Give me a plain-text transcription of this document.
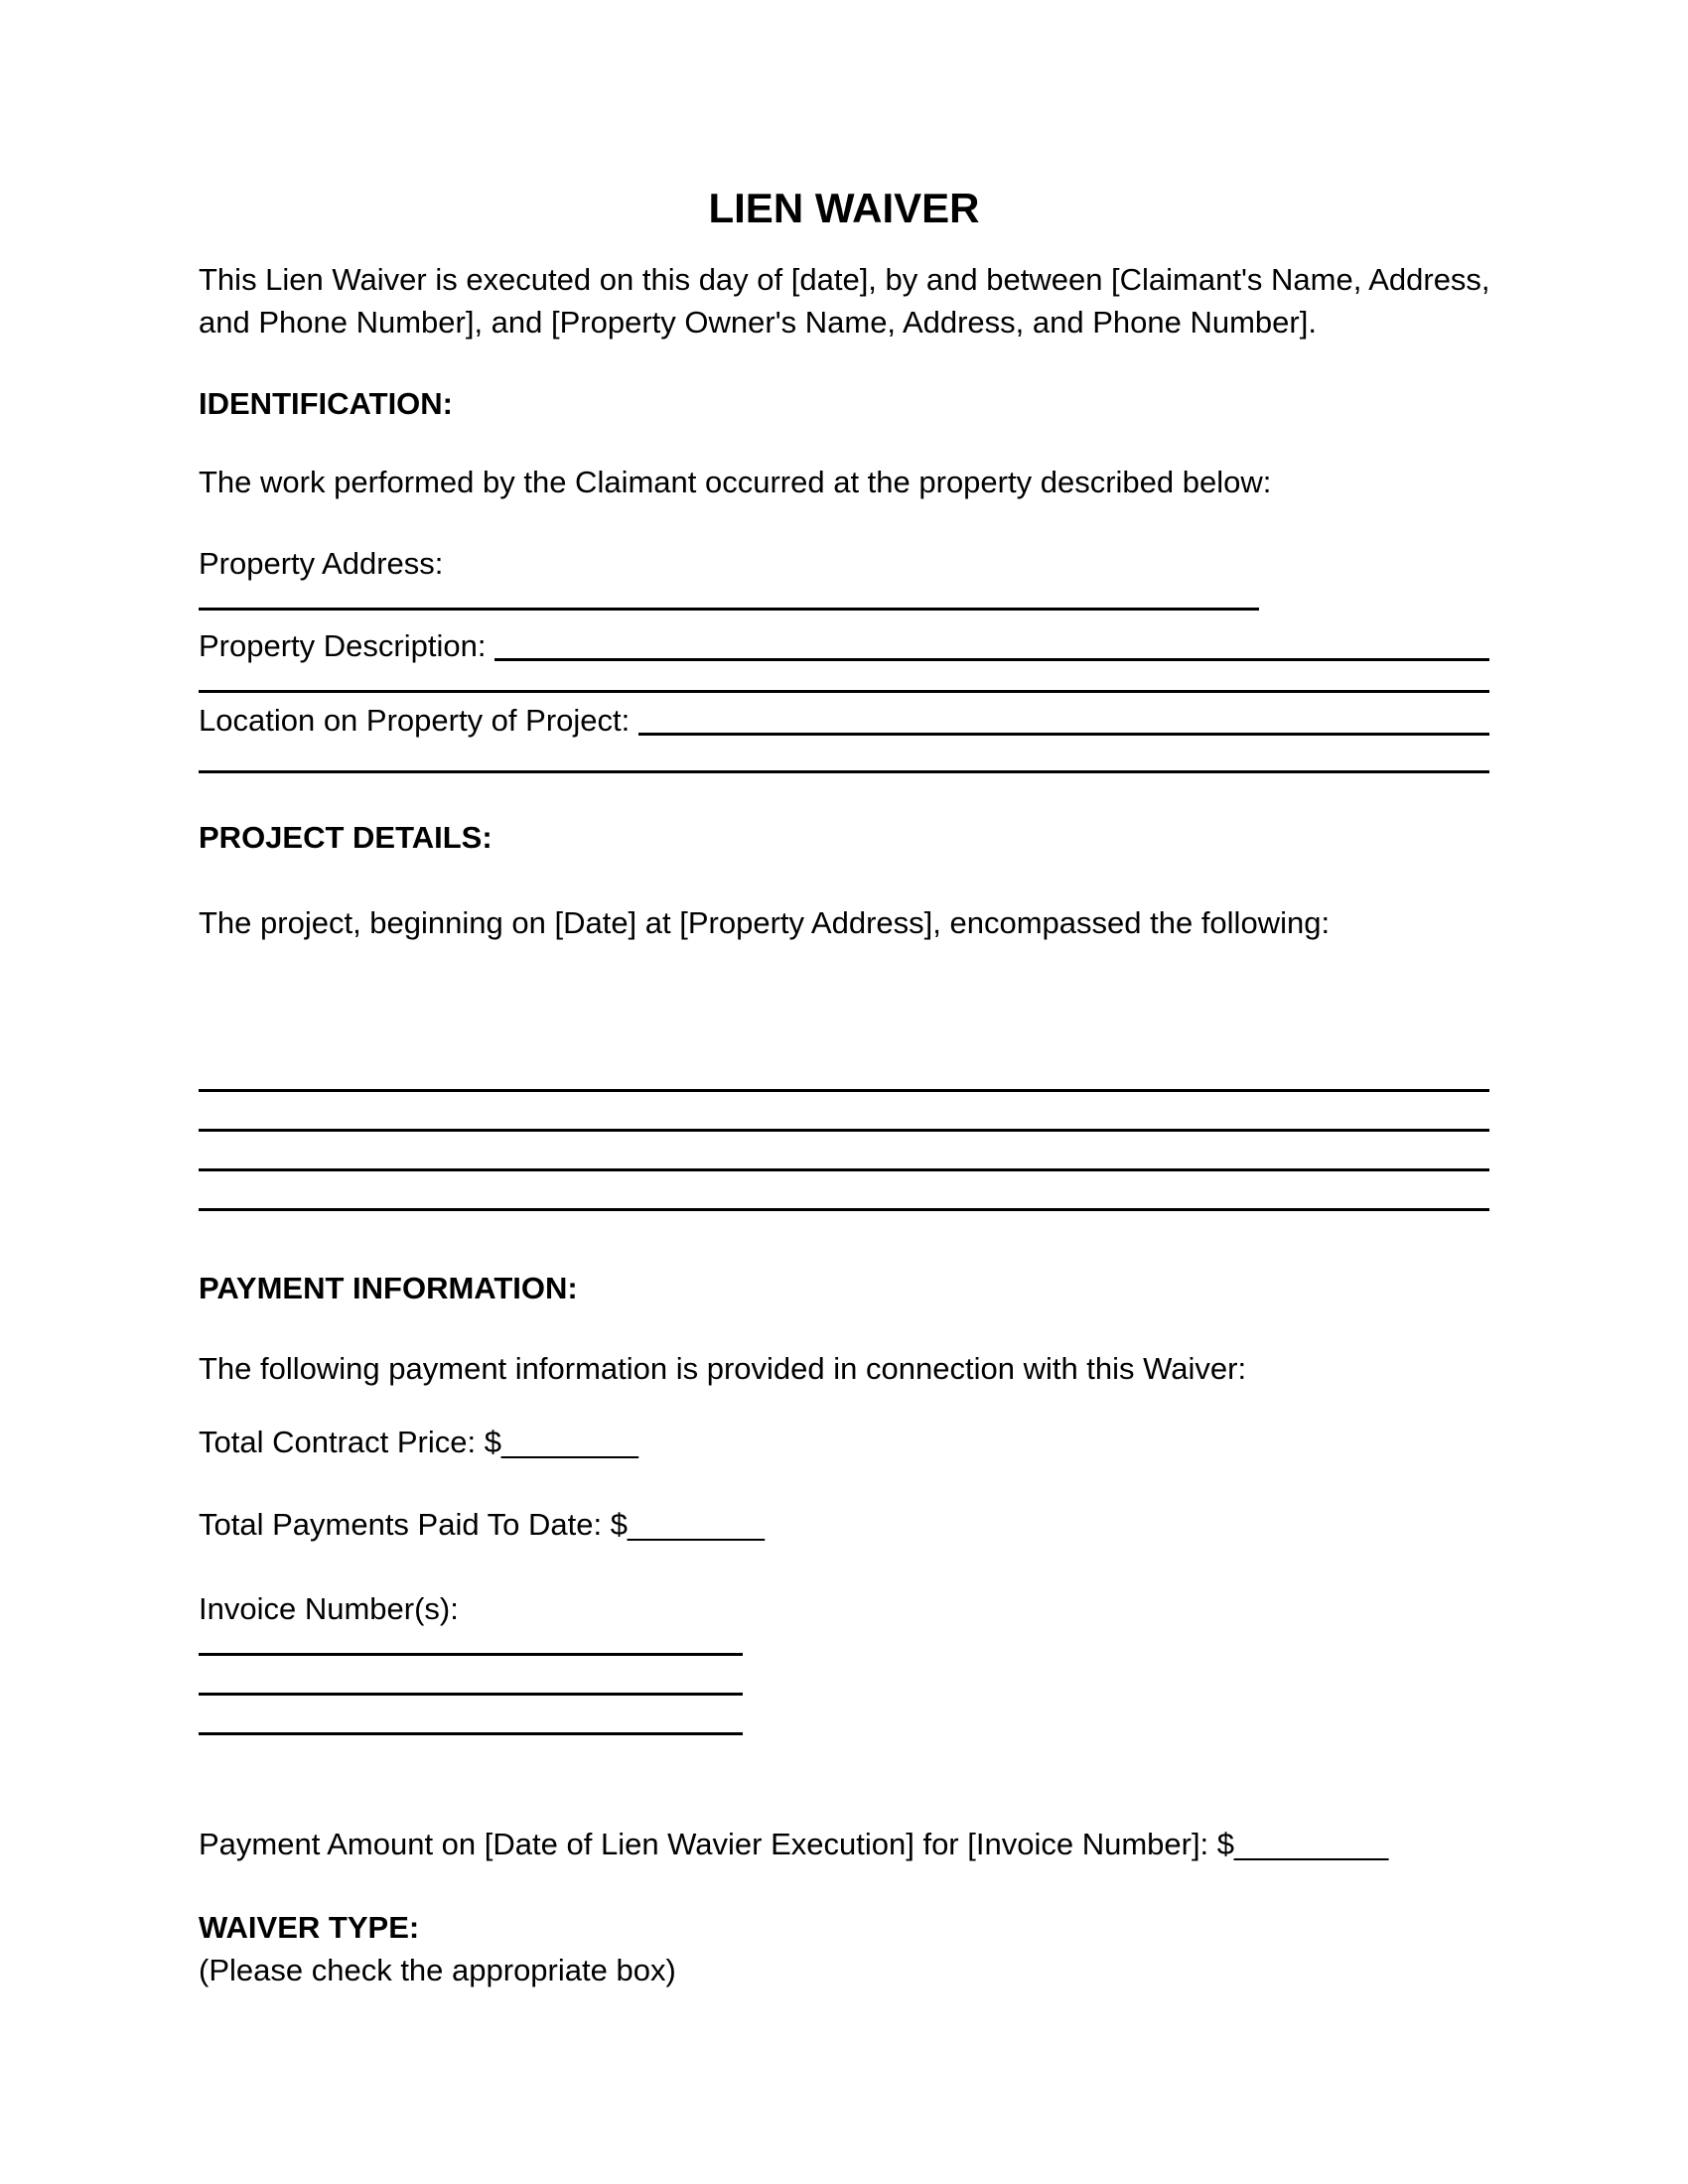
LIEN WAIVER
This Lien Waiver is executed on this day of [date], by and between [Claimant's Name, Address,
and Phone Number], and [Property Owner's Name, Address, and Phone Number].
IDENTIFICATION:
The work performed by the Claimant occurred at the property described below:
Property Address:
Property Description:
Location on Property of Project:
PROJECT DETAILS:
The project, beginning on [Date] at [Property Address], encompassed the following:
PAYMENT INFORMATION:
The following payment information is provided in connection with this Waiver:
Total Contract Price: $________
Total Payments Paid To Date: $________
Invoice Number(s):
Payment Amount on [Date of Lien Wavier Execution] for [Invoice Number]: $_________
WAIVER TYPE:
(Please check the appropriate box)
